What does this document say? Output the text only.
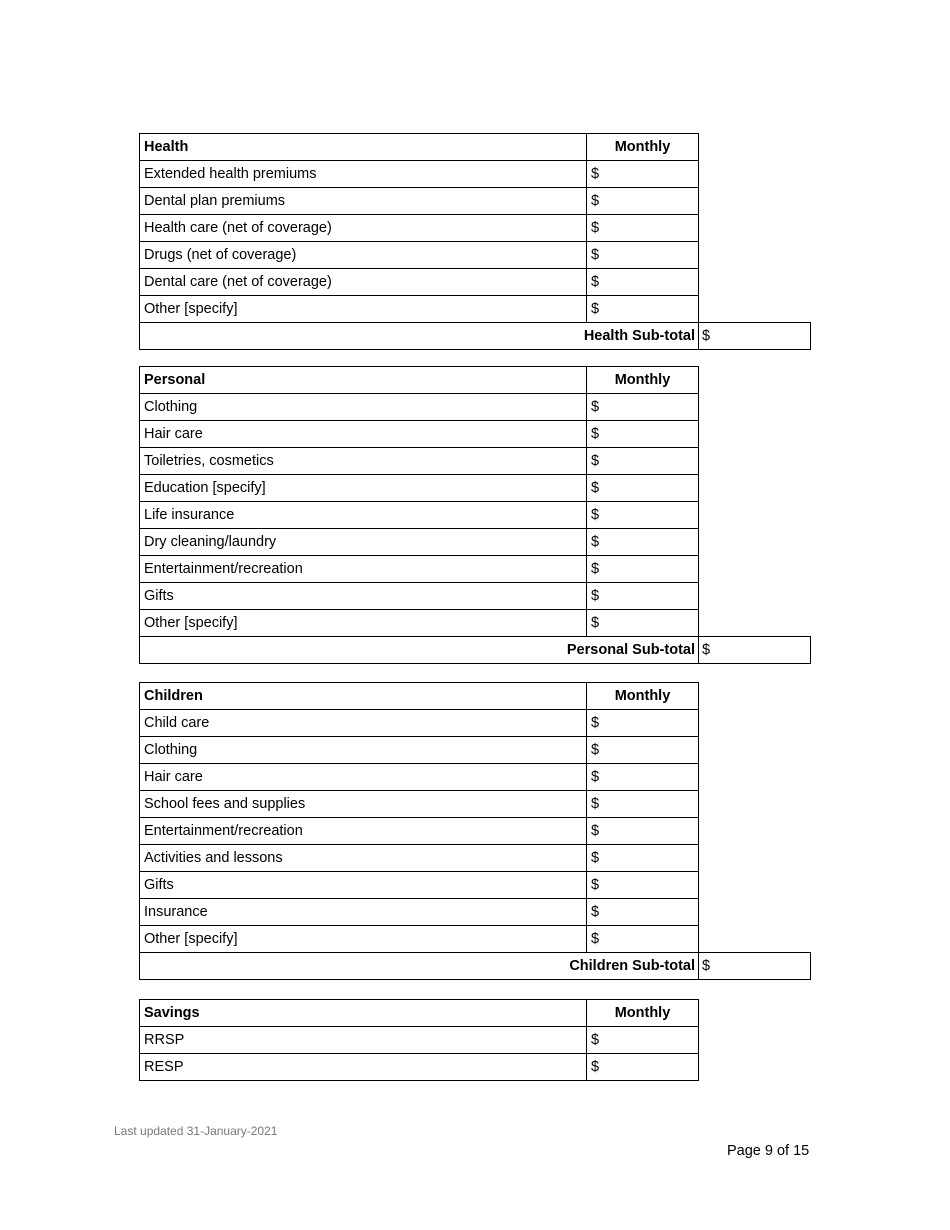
Health	Monthly
Extended health premiums	$
Dental plan premiums	$
Health care (net of coverage)	$
Drugs (net of coverage)	$
Dental care (net of coverage)	$
Other [specify]	$
Health Sub-total $
Personal	Monthly
Clothing	$
Hair care	$
Toiletries, cosmetics	$
Education [specify]	$
Life insurance	$
Dry cleaning/laundry	$
Entertainment/recreation	$
Gifts	$
Other [specify]	$
Personal Sub-total $
Children	Monthly
Child care	$
Clothing	$
Hair care	$
School fees and supplies	$
Entertainment/recreation	$
Activities and lessons	$
Gifts	$
Insurance	$
Other [specify]	$
Children Sub-total $
Savings	Monthly
RRSP	$
RESP	$
Last updated 31-January-2021
Page 9 of 15
